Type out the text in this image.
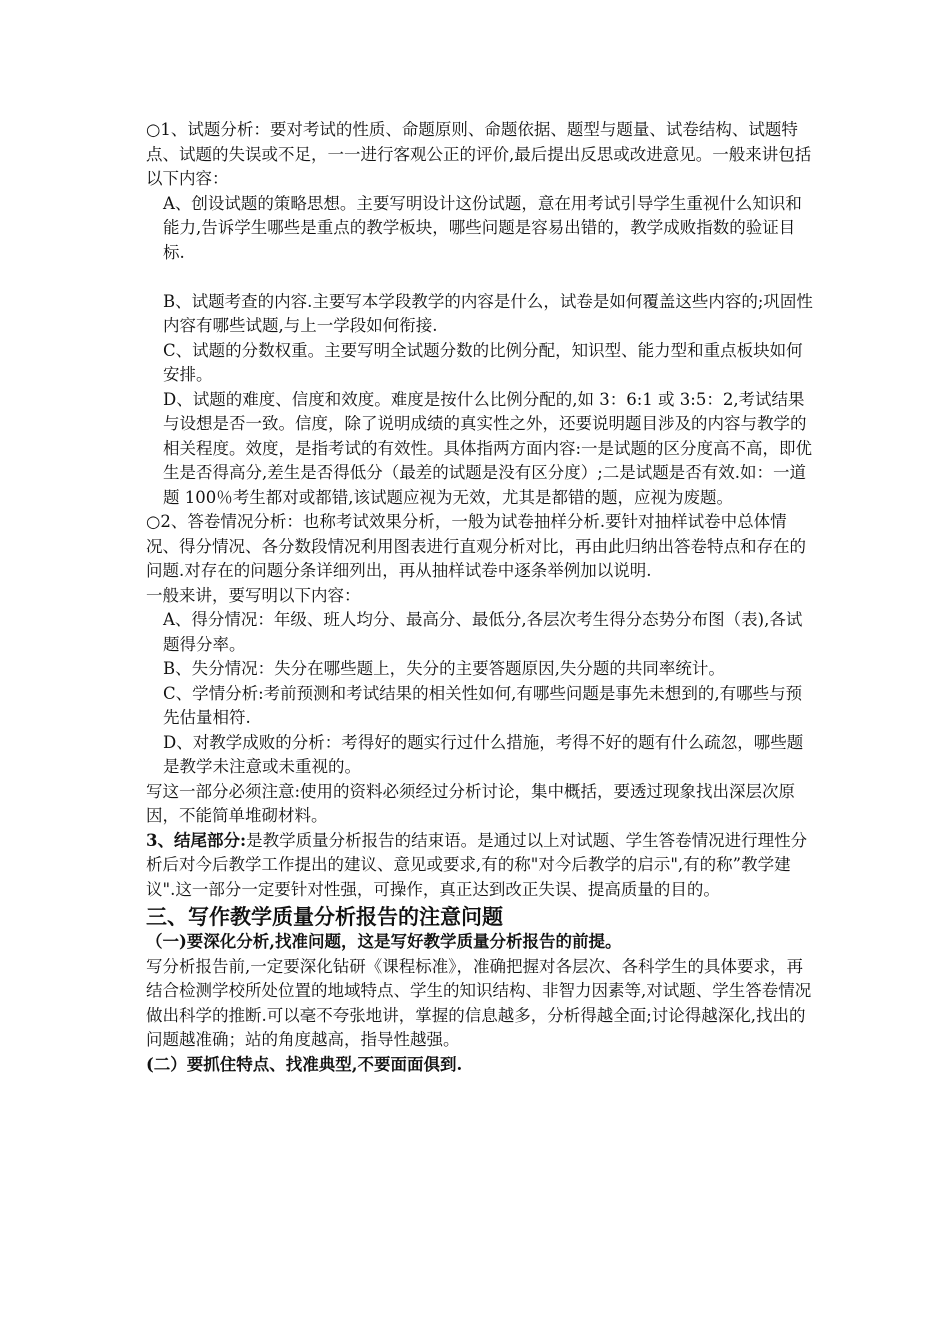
○1、试题分析：要对考试的性质、命题原则、命题依据、题型与题量、试卷结构、试题特点、试题的失误或不足，一一进行客观公正的评价,最后提出反思或改进意见。一般来讲包括以下内容：

A、创设试题的策略思想。主要写明设计这份试题，意在用考试引导学生重视什么知识和能力,告诉学生哪些是重点的教学板块，哪些问题是容易出错的，教学成败指数的验证目标.

B、试题考查的内容.主要写本学段教学的内容是什么，试卷是如何覆盖这些内容的;巩固性内容有哪些试题,与上一学段如何衔接.

C、试题的分数权重。主要写明全试题分数的比例分配，知识型、能力型和重点板块如何安排。

D、试题的难度、信度和效度。难度是按什么比例分配的,如 3：6:1 或 3:5：2,考试结果与设想是否一致。信度，除了说明成绩的真实性之外，还要说明题目涉及的内容与教学的相关程度。效度，是指考试的有效性。具体指两方面内容:一是试题的区分度高不高，即优生是否得高分,差生是否得低分（最差的试题是没有区分度）;二是试题是否有效.如：一道题 100％考生都对或都错,该试题应视为无效，尤其是都错的题，应视为废题。

○2、答卷情况分析：也称考试效果分析，一般为试卷抽样分析.要针对抽样试卷中总体情况、得分情况、各分数段情况利用图表进行直观分析对比，再由此归纳出答卷特点和存在的问题.对存在的问题分条详细列出，再从抽样试卷中逐条举例加以说明.

一般来讲，要写明以下内容：

A、得分情况：年级、班人均分、最高分、最低分,各层次考生得分态势分布图（表),各试题得分率。

B、失分情况：失分在哪些题上，失分的主要答题原因,失分题的共同率统计。

C、学情分析:考前预测和考试结果的相关性如何,有哪些问题是事先未想到的,有哪些与预先估量相符.

D、对教学成败的分析：考得好的题实行过什么措施，考得不好的题有什么疏忽，哪些题是教学未注意或未重视的。

写这一部分必须注意:使用的资料必须经过分析讨论，集中概括，要透过现象找出深层次原因，不能简单堆砌材料。

3、结尾部分:是教学质量分析报告的结束语。是通过以上对试题、学生答卷情况进行理性分析后对今后教学工作提出的建议、意见或要求,有的称"对今后教学的启示",有的称”教学建议".这一部分一定要针对性强，可操作，真正达到改正失误、提高质量的目的。

三、写作教学质量分析报告的注意问题

（一)要深化分析,找准问题，这是写好教学质量分析报告的前提。

写分析报告前,一定要深化钻研《课程标准》，准确把握对各层次、各科学生的具体要求，再结合检测学校所处位置的地域特点、学生的知识结构、非智力因素等,对试题、学生答卷情况做出科学的推断.可以毫不夸张地讲，掌握的信息越多，分析得越全面;讨论得越深化,找出的问题越准确；站的角度越高，指导性越强。

(二）要抓住特点、找准典型,不要面面俱到.
